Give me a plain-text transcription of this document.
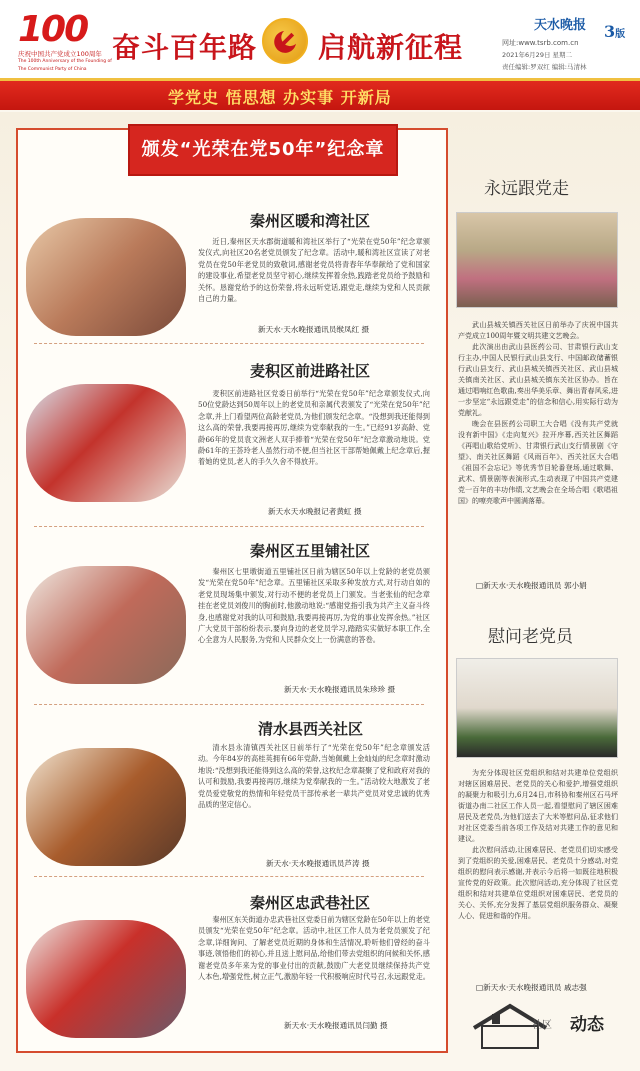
100
庆祝中国共产党成立100周年
The 100th Anniversary of the Founding of
The Communist Party of China
奋斗百年路 启航新征程
天水晚报 3版
网址:www.tsrb.com.cn
2021年6月29日 星期二
责任编辑:罗双红 编辑:马清林
学党史 悟思想 办实事 开新局
颁发“光荣在党50年”纪念章
秦州区暖和湾社区
近日,秦州区天水郡街道暖和湾社区举行了“光荣在党50年”纪念章颁发仪式,向社区20名老党员颁发了纪念章。活动中,暖和湾社区宣读了对老党员在党50年老党员的致敬词,感谢老党员将青春年华奉献给了党和国家的建设事业,希望老党员坚守初心,继续发挥着余热,践踏老党员给予鼓励和关怀。恳谢党给予的这份荣誉,将永远听党话,跟党走,继续为党和人民贡献自己的力量。
新天水·天水晚报通讯员缑凤红 摄
麦积区前进路社区
麦积区前进路社区党委日前举行“光荣在党50年”纪念章颁发仪式,向50位党龄达到50周年以上的老党员和亲属代表颁发了“光荣在党50年”纪念章,并上门看望两位高龄老党员,为他们颁发纪念章。“没想到我还能得到这么高的荣誉,我要再接再厉,继续为党奉献我的一生。”已经91岁高龄、党龄66年的党员袁文洲老人双手捧着“光荣在党50年”纪念章激动地说。党龄61年的王荟玲老人虽然行动不便,但当社区干部帮她佩戴上纪念章后,握着她的党员,老人的手久久舍不得放开。
新天水天水晚报记者黄虹 摄
秦州区五里铺社区
秦州区七里墩街道五里铺社区日前为辖区50年以上党龄的老党员颁发“光荣在党50年”纪念章。五里铺社区采取多种发放方式,对行动自如的老党员现场集中颁发,对行动不便的老党员上门颁发。当老张仙的纪念章挂在老党员刘俊川的胸前时,他激动地说:“感谢党指引我为共产主义奋斗终身,也感谢党对我的认可和鼓励,我要再接再厉,为党的事业发挥余热。”社区广大党员干部纷纷表示,要向身边的老党员学习,踏踏实实做好本职工作,全心全意为人民服务,为党和人民群众交上一份满意的答卷。
新天水·天水晚报通讯员朱珍珍 摄
清水县西关社区
清水县永清镇西关社区日前举行了“光荣在党50年”纪念章颁发活动。今年84岁的高桂英拥有66年党龄,当她佩戴上金灿灿的纪念章时激动地说:“没想到我还能得到这么高的荣誉,这枚纪念章凝聚了党和政府对我的认可和鼓励,我要再接再厉,继续为党奉献我的一生。”活动较大地激发了老党员爱党敬党的热情和年轻党员干部传承老一辈共产党员对党忠诚的优秀品质的坚定信心。
新天水·天水晚报通讯员芦涛 摄
秦州区忠武巷社区
秦州区东关街道办忠武巷社区党委日前为辖区党龄在50年以上的老党员颁发“光荣在党50年”纪念章。活动中,社区工作人员为老党员颁发了纪念章,详细询问、了解老党员近期的身体和生活情况,聆听他们曾经的奋斗事迹,领悟他们的初心,并且送上慰问品,给他们带去党组织的问候和关怀,感谢老党员多年来为党的事业付出的贡献,鼓励广大老党员继续保持共产党人本色,增强党性,树立正气,激励年轻一代积极响应时代号召,永远跟党走。
新天水·天水晚报通讯员闫勤 摄
永远跟党走

武山县城关镇西关社区日前举办了庆祝中国共产党成立100周年暨文明共建文艺晚会。

此次演出由武山县医药公司、甘肃银行武山支行主办,中国人民银行武山县支行、中国邮政储蓄银行武山县支行、武山县城关镇西关社区、武山县城关镇南关社区、武山县城关镇东关社区协办。旨在通过唱响红色歌曲,奏出华美乐章、舞出青春风采,进一步坚定“永远跟党走”的信念和信心,用实际行动为党献礼。

晚会在县医药公司职工大合唱《没有共产党就没有新中国》《走向复兴》拉开序幕,西关社区舞蹈《再唱山歌给党听》、甘肃银行武山支行情景剧《守望》、南关社区舞蹈《风雨百年》、西关社区大合唱《祖国不会忘记》等优秀节目轮番登场,通过歌舞、武术、情景剧等表演形式,生动表现了中国共产党建党一百年的丰功伟绩,文艺晚会在全场合唱《歌唱祖国》的嘹亮歌声中圆满落幕。

□新天水·天水晚报通讯员 郭小娟
慰问老党员

为充分体现社区党组织和结对共建单位党组织对辖区困难居民、老党员的关心和爱护,增强党组织的凝聚力和吸引力,6月24日,市科协和秦州区石马坪街道办南二社区工作人员一起,看望慰问了辖区困难居民及老党员,为他们送去了大米等慰问品,征求他们对社区党委当前各项工作及结对共建工作的意见和建议。

此次慰问活动,让困难居民、老党员们切实感受到了党组织的关爱,困难居民、老党员十分感动,对党组织的慰问表示感谢,并表示今后将一如既往地积极宣传党的好政策。此次慰问活动,充分体现了社区党组织和结对共建单位党组织对困难居民、老党员的关心、关怀,充分发挥了基层党组织服务群众、凝聚人心、促进和谐的作用。

□新天水·天水晚报通讯员 戚志强
社区 动态
